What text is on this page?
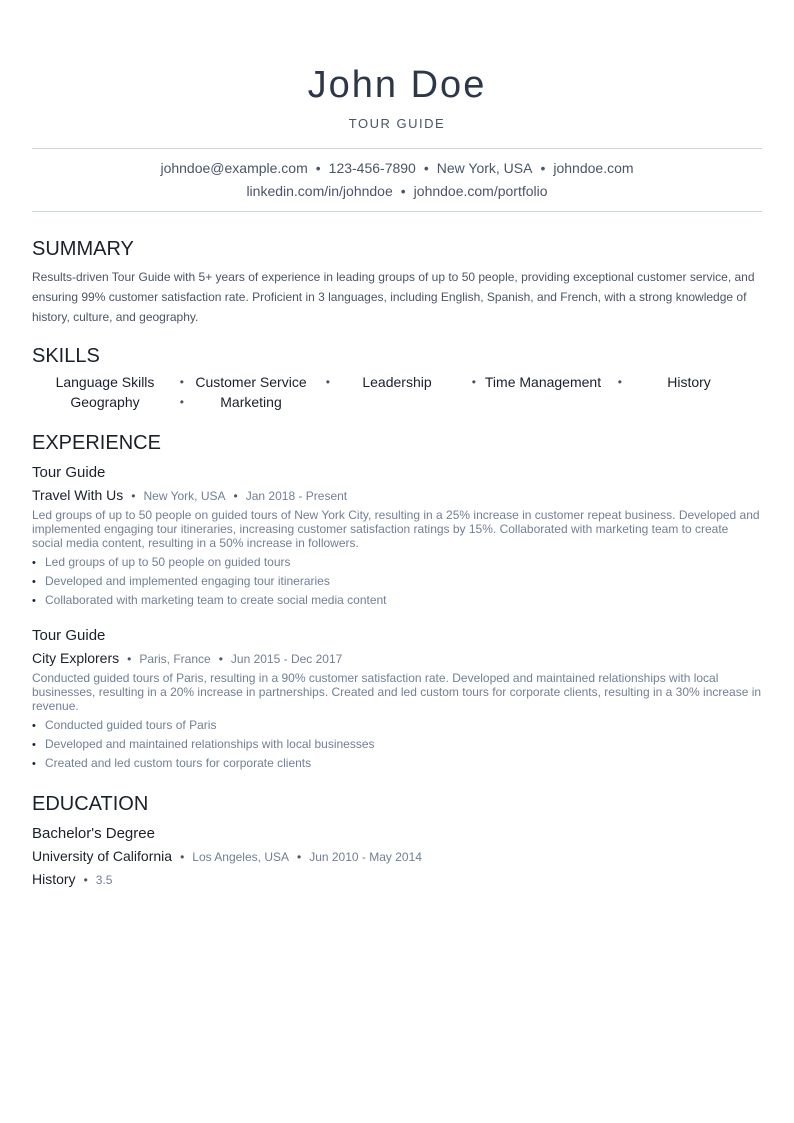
John Doe
TOUR GUIDE
johndoe@example.com • 123-456-7890 • New York, USA • johndoe.com
linkedin.com/in/johndoe • johndoe.com/portfolio
SUMMARY
Results-driven Tour Guide with 5+ years of experience in leading groups of up to 50 people, providing exceptional customer service, and ensuring 99% customer satisfaction rate. Proficient in 3 languages, including English, Spanish, and French, with a strong knowledge of history, culture, and geography.
SKILLS
Language Skills • Customer Service •	Leadership	• Time Management •	History
Geography	•	Marketing
EXPERIENCE
Tour Guide
Travel With Us • New York, USA • Jan 2018 - Present
Led groups of up to 50 people on guided tours of New York City, resulting in a 25% increase in customer repeat business. Developed and implemented engaging tour itineraries, increasing customer satisfaction ratings by 15%. Collaborated with marketing team to create social media content, resulting in a 50% increase in followers.
• Led groups of up to 50 people on guided tours
• Developed and implemented engaging tour itineraries
• Collaborated with marketing team to create social media content
Tour Guide
City Explorers • Paris, France • Jun 2015 - Dec 2017
Conducted guided tours of Paris, resulting in a 90% customer satisfaction rate. Developed and maintained relationships with local businesses, resulting in a 20% increase in partnerships. Created and led custom tours for corporate clients, resulting in a 30% increase in revenue.
• Conducted guided tours of Paris
• Developed and maintained relationships with local businesses
• Created and led custom tours for corporate clients
EDUCATION
Bachelor's Degree
University of California • Los Angeles, USA • Jun 2010 - May 2014
History • 3.5
